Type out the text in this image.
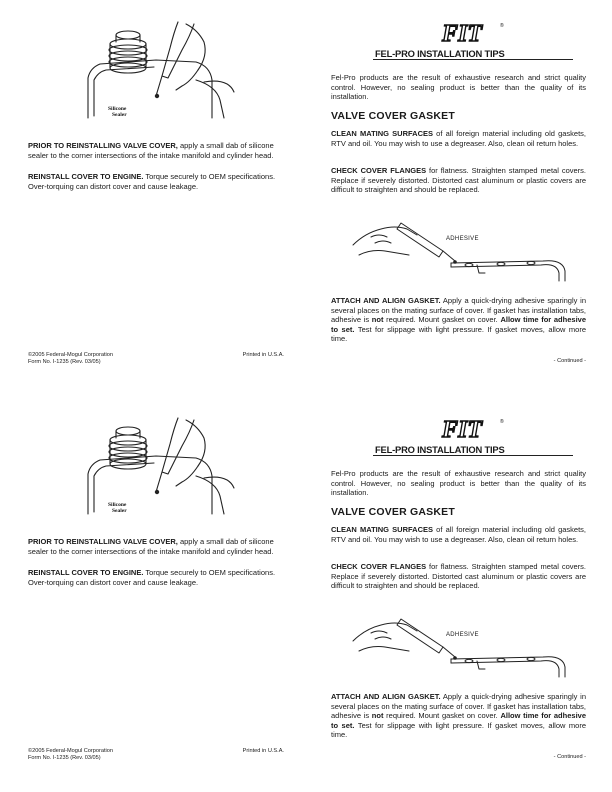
Silicone
Sealer

PRIOR TO REINSTALLING VALVE COVER, apply a small dab of silicone sealer to the corner intersections of the intake manifold and cylinder head.

REINSTALL COVER TO ENGINE. Torque securely to OEM specifications. Over-torquing can distort cover and cause leakage.

©2005 Federal-Mogul Corporation
Form No. I-1235 (Rev. 03/05)
Printed in U.S.A.
FIT	®
FEL-PRO INSTALLATION TIPS

Fel-Pro products are the result of exhaustive research and strict quality control. However, no sealing product is better than the quality of its installation.

VALVE COVER GASKET

CLEAN MATING SURFACES of all foreign material including old gaskets, RTV and oil. You may wish to use a degreaser. Also, clean oil return holes.

CHECK COVER FLANGES for flatness. Straighten stamped metal covers. Replace if severely distorted. Distorted cast aluminum or plastic covers are difficult to straighten and should be replaced.

ADHESIVE

ATTACH AND ALIGN GASKET. Apply a quick-drying adhesive sparingly in several places on the mating surface of cover. If gasket has installation tabs, adhesive is not required. Mount gasket on cover. Allow time for adhesive to set. Test for slippage with light pressure. If gasket moves, allow more time.

- Continued -
Silicone
Sealer

PRIOR TO REINSTALLING VALVE COVER, apply a small dab of silicone sealer to the corner intersections of the intake manifold and cylinder head.

REINSTALL COVER TO ENGINE. Torque securely to OEM specifications. Over-torquing can distort cover and cause leakage.

©2005 Federal-Mogul Corporation
Form No. I-1235 (Rev. 03/05)
Printed in U.S.A.
FIT	®
FEL-PRO INSTALLATION TIPS

Fel-Pro products are the result of exhaustive research and strict quality control. However, no sealing product is better than the quality of its installation.

VALVE COVER GASKET

CLEAN MATING SURFACES of all foreign material including old gaskets, RTV and oil. You may wish to use a degreaser. Also, clean oil return holes.

CHECK COVER FLANGES for flatness. Straighten stamped metal covers. Replace if severely distorted. Distorted cast aluminum or plastic covers are difficult to straighten and should be replaced.

ADHESIVE

ATTACH AND ALIGN GASKET. Apply a quick-drying adhesive sparingly in several places on the mating surface of cover. If gasket has installation tabs, adhesive is not required. Mount gasket on cover. Allow time for adhesive to set. Test for slippage with light pressure. If gasket moves, allow more time.

- Continued -
